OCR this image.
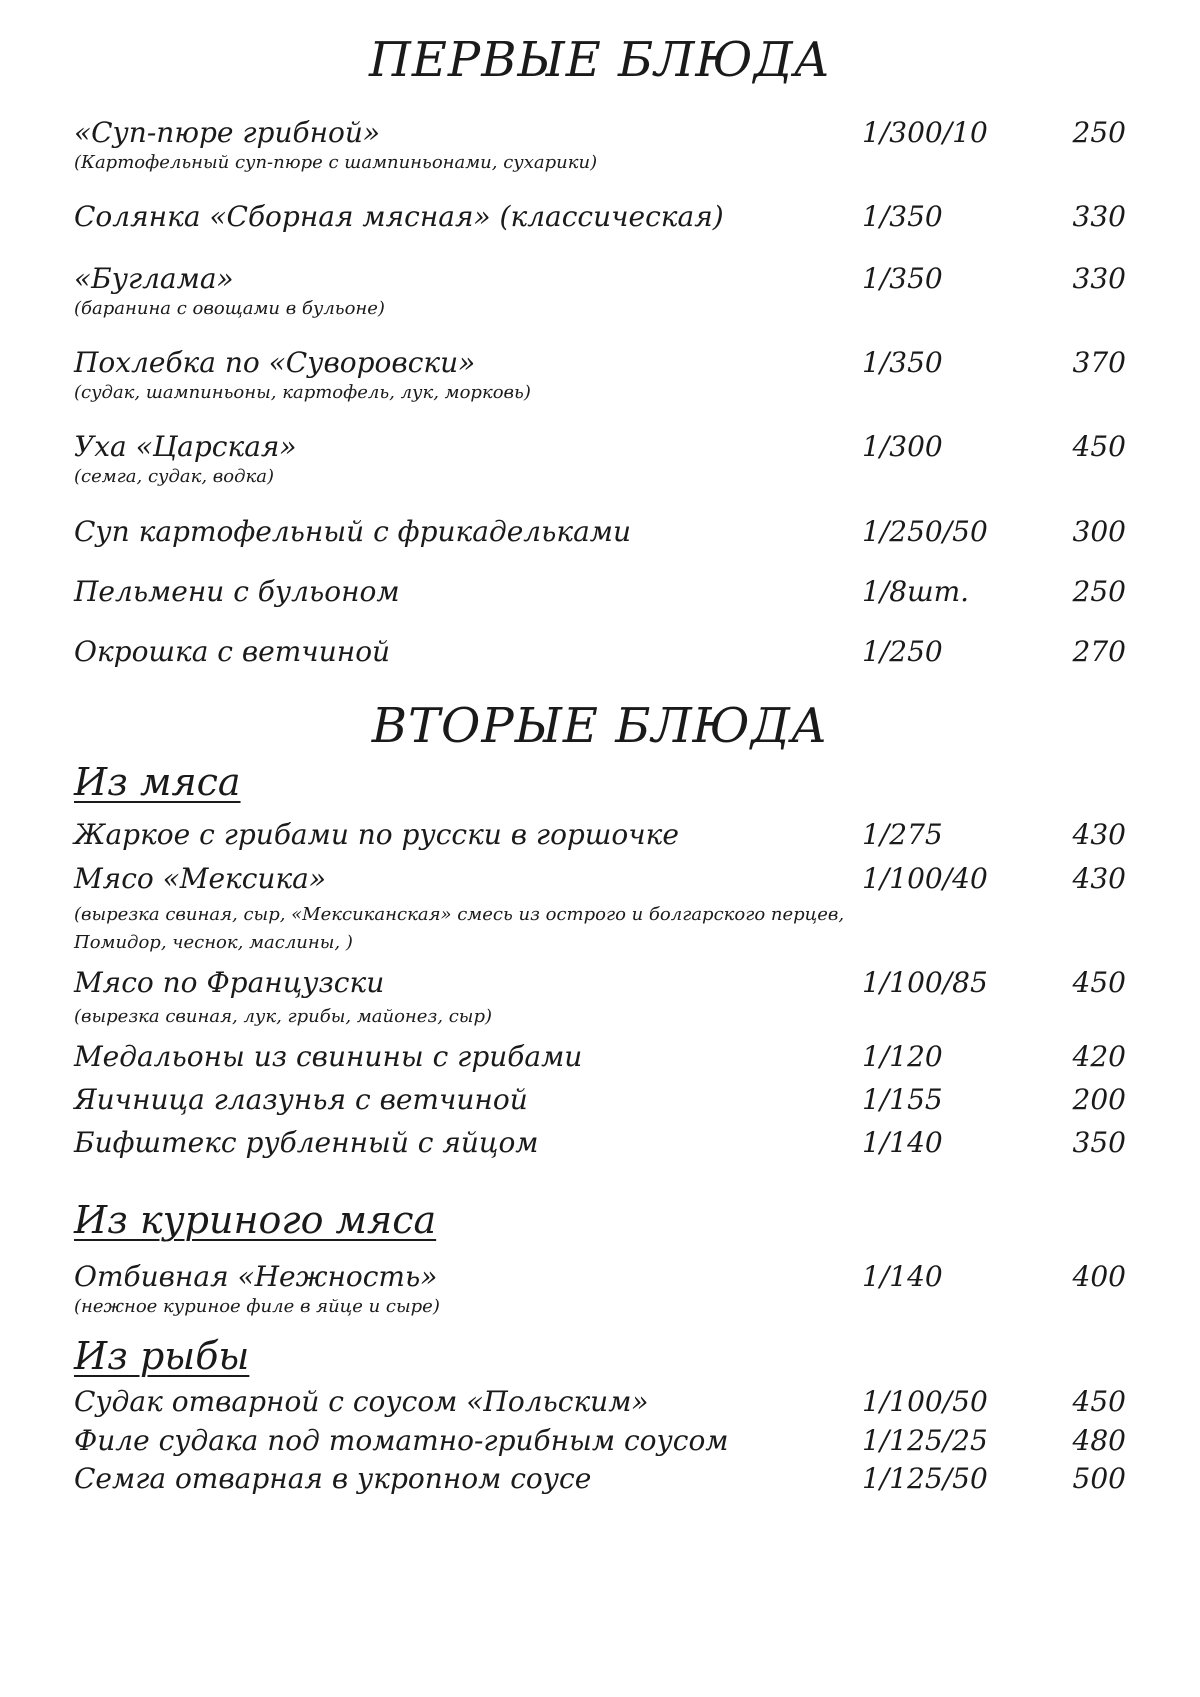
ПЕРВЫЕ БЛЮДА
«Суп-пюре грибной»	1/300/10	250
(Картофельный суп-пюре с шампиньонами, сухарики)
Солянка «Сборная мясная» (классическая)	1/350	330
«Буглама»	1/350	330
(баранина с овощами в бульоне)
Похлебка по «Суворовски»	1/350	370
(судак, шампиньоны, картофель, лук, морковь)
Уха «Царская»	1/300	450
(семга, судак, водка)
Суп картофельный с фрикадельками	1/250/50	300
Пельмени с бульоном	1/8шт.	250
Окрошка с ветчиной	1/250	270
ВТОРЫЕ БЛЮДА
Из мяса
Жаркое с грибами по русски в горшочке	1/275	430
Мясо «Мексика»	1/100/40	430
(вырезка свиная, сыр, «Мексиканская» смесь из острого и болгарского перцев,
Помидор, чеснок, маслины, )
Мясо по Французски	1/100/85	450
(вырезка свиная, лук, грибы, майонез, сыр)
Медальоны из свинины с грибами	1/120	420
Яичница глазунья с ветчиной	1/155	200
Бифштекс рубленный с яйцом	1/140	350
Из куриного мяса
Отбивная «Нежность»	1/140	400
(нежное куриное филе в яйце и сыре)
Из рыбы
Судак отварной с соусом «Польским»	1/100/50	450
Филе судака под томатно-грибным соусом	1/125/25	480
Семга отварная в укропном соусе	1/125/50	500
